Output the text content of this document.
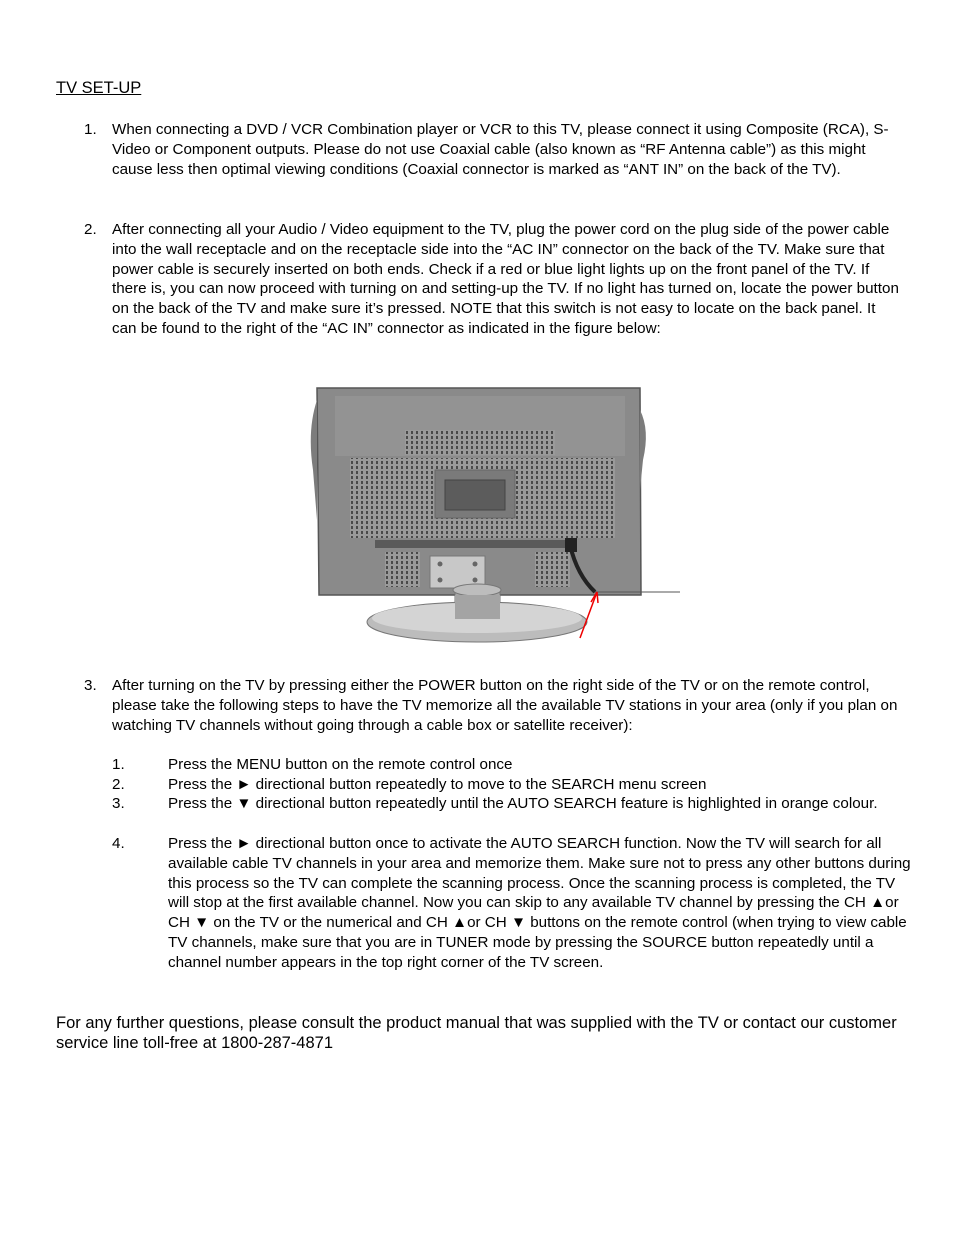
TV SET-UP
1.	When connecting a DVD / VCR Combination player or VCR to this TV, please connect it using Composite (RCA), S-Video or Component outputs. Please do not use Coaxial cable (also known as “RF Antenna cable”) as this might cause less then optimal viewing conditions (Coaxial connector is marked as “ANT IN” on the back of the TV).
2.	After connecting all your Audio / Video equipment to the TV, plug the power cord on the plug side of the power cable into the wall receptacle and on the receptacle side into the “AC IN” connector on the back of the TV. Make sure that power cable is securely inserted on both ends. Check if a red or blue light lights up on the front panel of the TV. If there is, you can now proceed with turning on and setting-up the TV. If no light has turned on, locate the power button on the back of the TV and make sure it’s pressed. NOTE that this switch is not easy to locate on the back panel. It can be found to the right of the “AC IN” connector as indicated in the figure below:
3.	After turning on the TV by pressing either the POWER button on the right side of the TV or on the remote control, please take the following steps to have the TV memorize all the available TV stations in your area (only if you plan on watching TV channels without going through a cable box or satellite receiver):
1.	Press the MENU button on the remote control once
2.	Press the ► directional button repeatedly to move to the SEARCH menu screen
3.	Press the ▼ directional button repeatedly until the AUTO SEARCH feature is highlighted in orange colour.
4.	Press the ► directional button once to activate the AUTO SEARCH function. Now the TV will search for all available cable TV channels in your area and memorize them. Make sure not to press any other buttons during this process so the TV can complete the scanning process. Once the scanning process is completed, the TV will stop at the first available channel. Now you can skip to any available TV channel by pressing the CH ▲or CH ▼ on the TV or the numerical and CH ▲or CH ▼ buttons on the remote control (when trying to view cable TV channels, make sure that you are in TUNER mode by pressing the SOURCE button repeatedly until a channel number appears in the top right corner of the TV screen.
For any further questions, please consult the product manual that was supplied with the TV or contact our customer service line toll-free at 1800-287-4871
